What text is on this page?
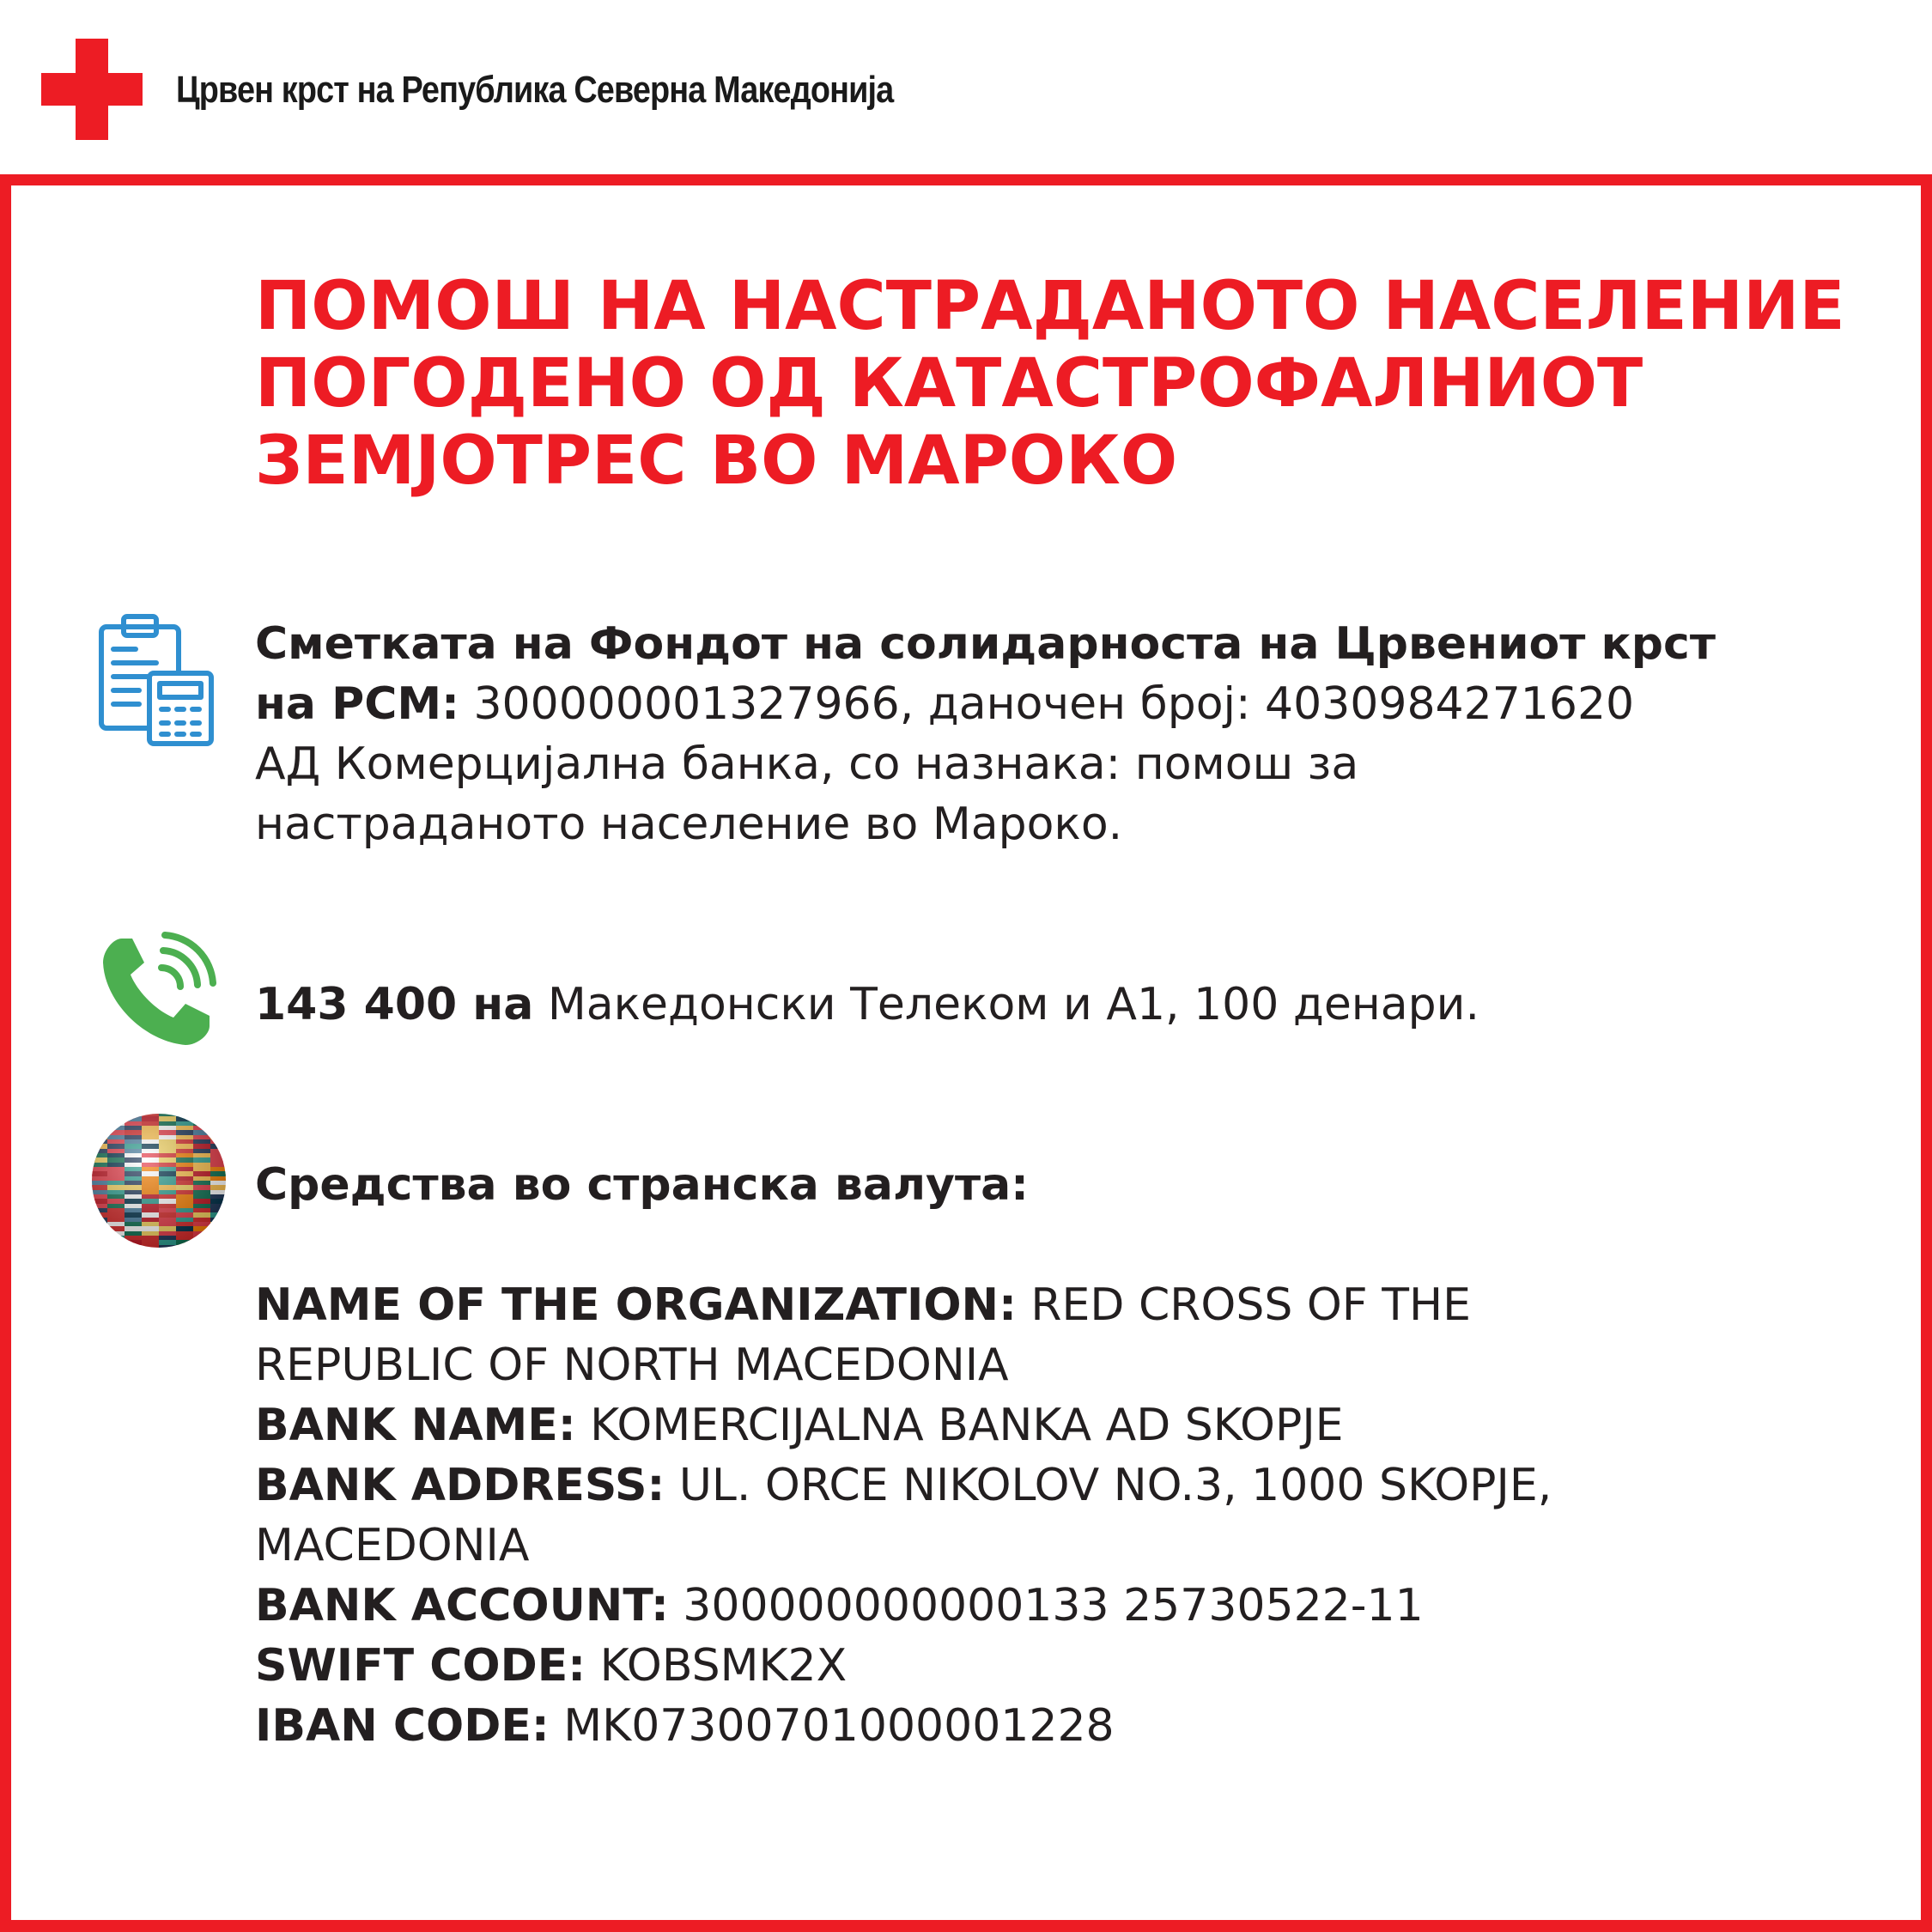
Црвен крст на Република Северна Македонија
ПОМОШ НА НАСТРАДАНОТО НАСЕЛЕНИЕ
ПОГОДЕНО ОД КАТАСТРОФАЛНИОТ
ЗЕМЈОТРЕС ВО МАРОКО
Сметката на Фондот на солидарноста на Црвениот крст
на РСМ: 300000001327966, даночен број: 4030984271620
АД Комерцијална банка, со назнака: помош за
настраданото население во Мароко.
143 400 на Македонски Телеком и А1, 100 денари.
Средства во странска валута:
NAME OF THE ORGANIZATION: RED CROSS OF THE
REPUBLIC OF NORTH MACEDONIA
BANK NAME: KOMERCIJALNA BANKA AD SKOPJE
BANK ADDRESS: UL. ORCE NIKOLOV NO.3, 1000 SKOPJE,
MACEDONIA
BANK ACCOUNT: 300000000000133 25730522-11
SWIFT CODE: KOBSMK2X
IBAN CODE: MK07300701000001228
